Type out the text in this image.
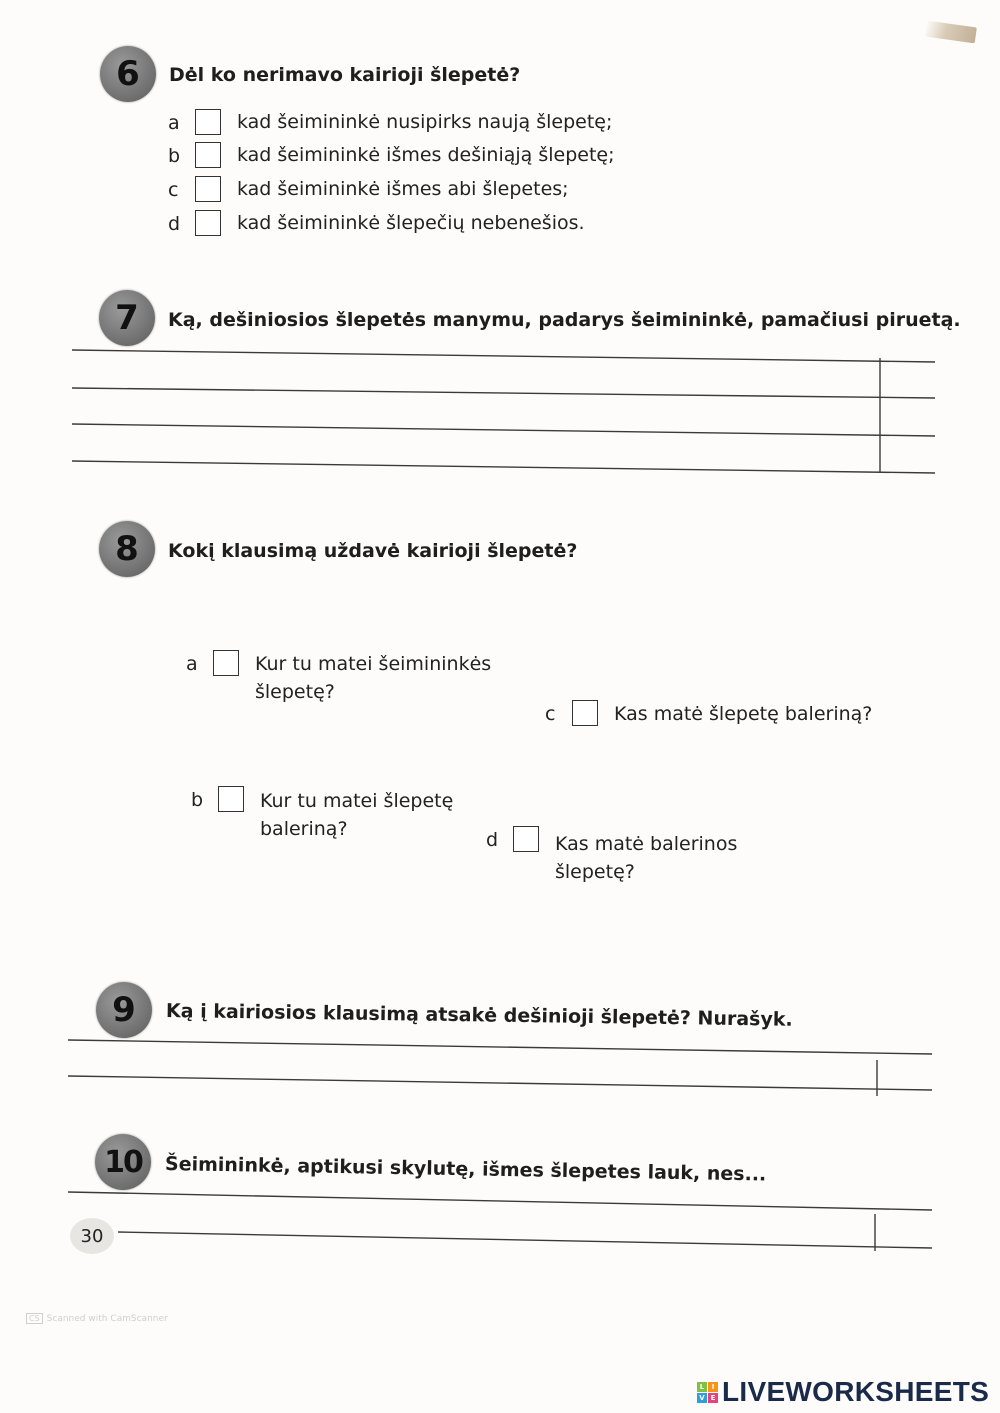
6	Dėl ko nerimavo kairioji šlepetė?
a	kad šeimininkė nusipirks naują šlepetę;
b	kad šeimininkė išmes dešiniąją šlepetę;
c	kad šeimininkė išmes abi šlepetes;
d	kad šeimininkė šlepečių nebenešios.
7	Ką, dešiniosios šlepetės manymu, padarys šeimininkė, pamačiusi piruetą.
8	Kokį klausimą uždavė kairioji šlepetė?
a	Kur tu matei šeimininkės
šlepetę?
b	Kur tu matei šlepetę
baleriną?
c	Kas matė šlepetę baleriną?
d	Kas matė balerinos
šlepetę?
9	Ką į kairiosios klausimą atsakė dešinioji šlepetė? Nurašyk.
10	Šeimininkė, aptikusi skylutę, išmes šlepetes lauk, nes...
30
CS Scanned with CamScanner
L	I
V E LIVEWORKSHEETS
